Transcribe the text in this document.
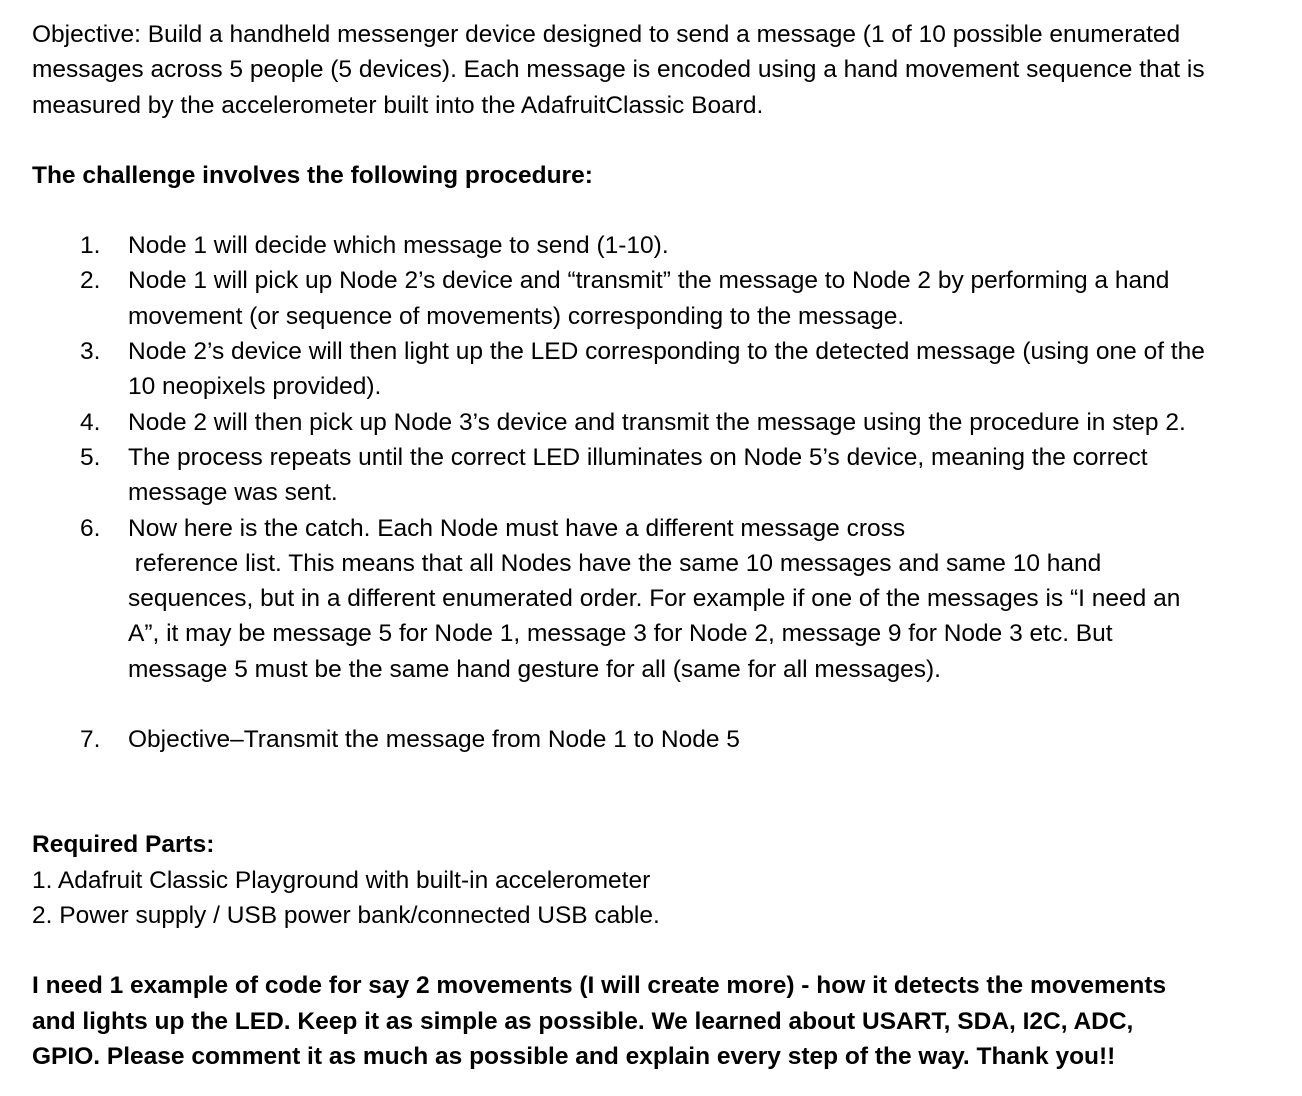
Objective: Build a handheld messenger device designed to send a message (1 of 10 possible enumerated
messages across 5 people (5 devices). Each message is encoded using a hand movement sequence that is
measured by the accelerometer built into the AdafruitClassic Board.

The challenge involves the following procedure:

1. Node 1 will decide which message to send (1-10).
2. Node 1 will pick up Node 2’s device and “transmit” the message to Node 2 by performing a hand
movement (or sequence of movements) corresponding to the message.
3. Node 2’s device will then light up the LED corresponding to the detected message (using one of the
10 neopixels provided).
4. Node 2 will then pick up Node 3’s device and transmit the message using the procedure in step 2.
5. The process repeats until the correct LED illuminates on Node 5’s device, meaning the correct
message was sent.
6. Now here is the catch. Each Node must have a different message cross
reference list. This means that all Nodes have the same 10 messages and same 10 hand
sequences, but in a different enumerated order. For example if one of the messages is “I need an
A”, it may be message 5 for Node 1, message 3 for Node 2, message 9 for Node 3 etc. But
message 5 must be the same hand gesture for all (same for all messages).
7. Objective–Transmit the message from Node 1 to Node 5

Required Parts:

1. Adafruit Classic Playground with built-in accelerometer
2. Power supply / USB power bank/connected USB cable.

I need 1 example of code for say 2 movements (I will create more) - how it detects the movements
and lights up the LED. Keep it as simple as possible. We learned about USART, SDA, I2C, ADC,
GPIO. Please comment it as much as possible and explain every step of the way. Thank you!!
